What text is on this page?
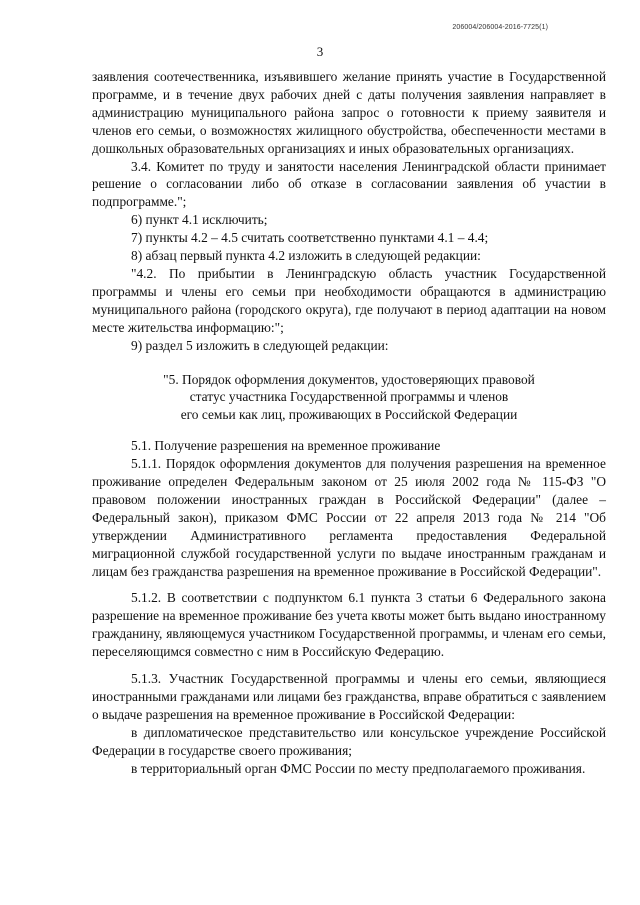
206004/206004-2016-7725(1)
3

заявления соотечественника, изъявившего желание принять участие в Государственной программе, и в течение двух рабочих дней с даты получения заявления направляет в администрацию муниципального района запрос о готовности к приему заявителя и членов его семьи, о возможностях жилищного обустройства, обеспеченности местами в дошкольных образовательных организациях и иных образовательных организациях.

3.4. Комитет по труду и занятости населения Ленинградской области принимает решение о согласовании либо об отказе в согласовании заявления об участии в подпрограмме.";

6) пункт 4.1 исключить;

7) пункты 4.2 – 4.5 считать соответственно пунктами 4.1 – 4.4;

8) абзац первый пункта 4.2 изложить в следующей редакции:

"4.2. По прибытии в Ленинградскую область участник Государственной программы и члены его семьи при необходимости обращаются в администрацию муниципального района (городского округа), где получают в период адаптации на новом месте жительства информацию:";

9) раздел 5 изложить в следующей редакции:

"5. Порядок оформления документов, удостоверяющих правовой
статус участника Государственной программы и членов
его семьи как лиц, проживающих в Российской Федерации

5.1. Получение разрешения на временное проживание

5.1.1. Порядок оформления документов для получения разрешения на временное проживание определен Федеральным законом от 25 июля 2002 года № 115-ФЗ "О правовом положении иностранных граждан в Российской Федерации" (далее – Федеральный закон), приказом ФМС России от 22 апреля 2013 года № 214 "Об утверждении Административного регламента предоставления Федеральной миграционной службой государственной услуги по выдаче иностранным гражданам и лицам без гражданства разрешения на временное проживание в Российской Федерации".

5.1.2. В соответствии с подпунктом 6.1 пункта 3 статьи 6 Федерального закона разрешение на временное проживание без учета квоты может быть выдано иностранному гражданину, являющемуся участником Государственной программы, и членам его семьи, переселяющимся совместно с ним в Российскую Федерацию.

5.1.3. Участник Государственной программы и члены его семьи, являющиеся иностранными гражданами или лицами без гражданства, вправе обратиться с заявлением о выдаче разрешения на временное проживание в Российской Федерации:

в дипломатическое представительство или консульское учреждение Российской Федерации в государстве своего проживания;

в территориальный орган ФМС России по месту предполагаемого проживания.
